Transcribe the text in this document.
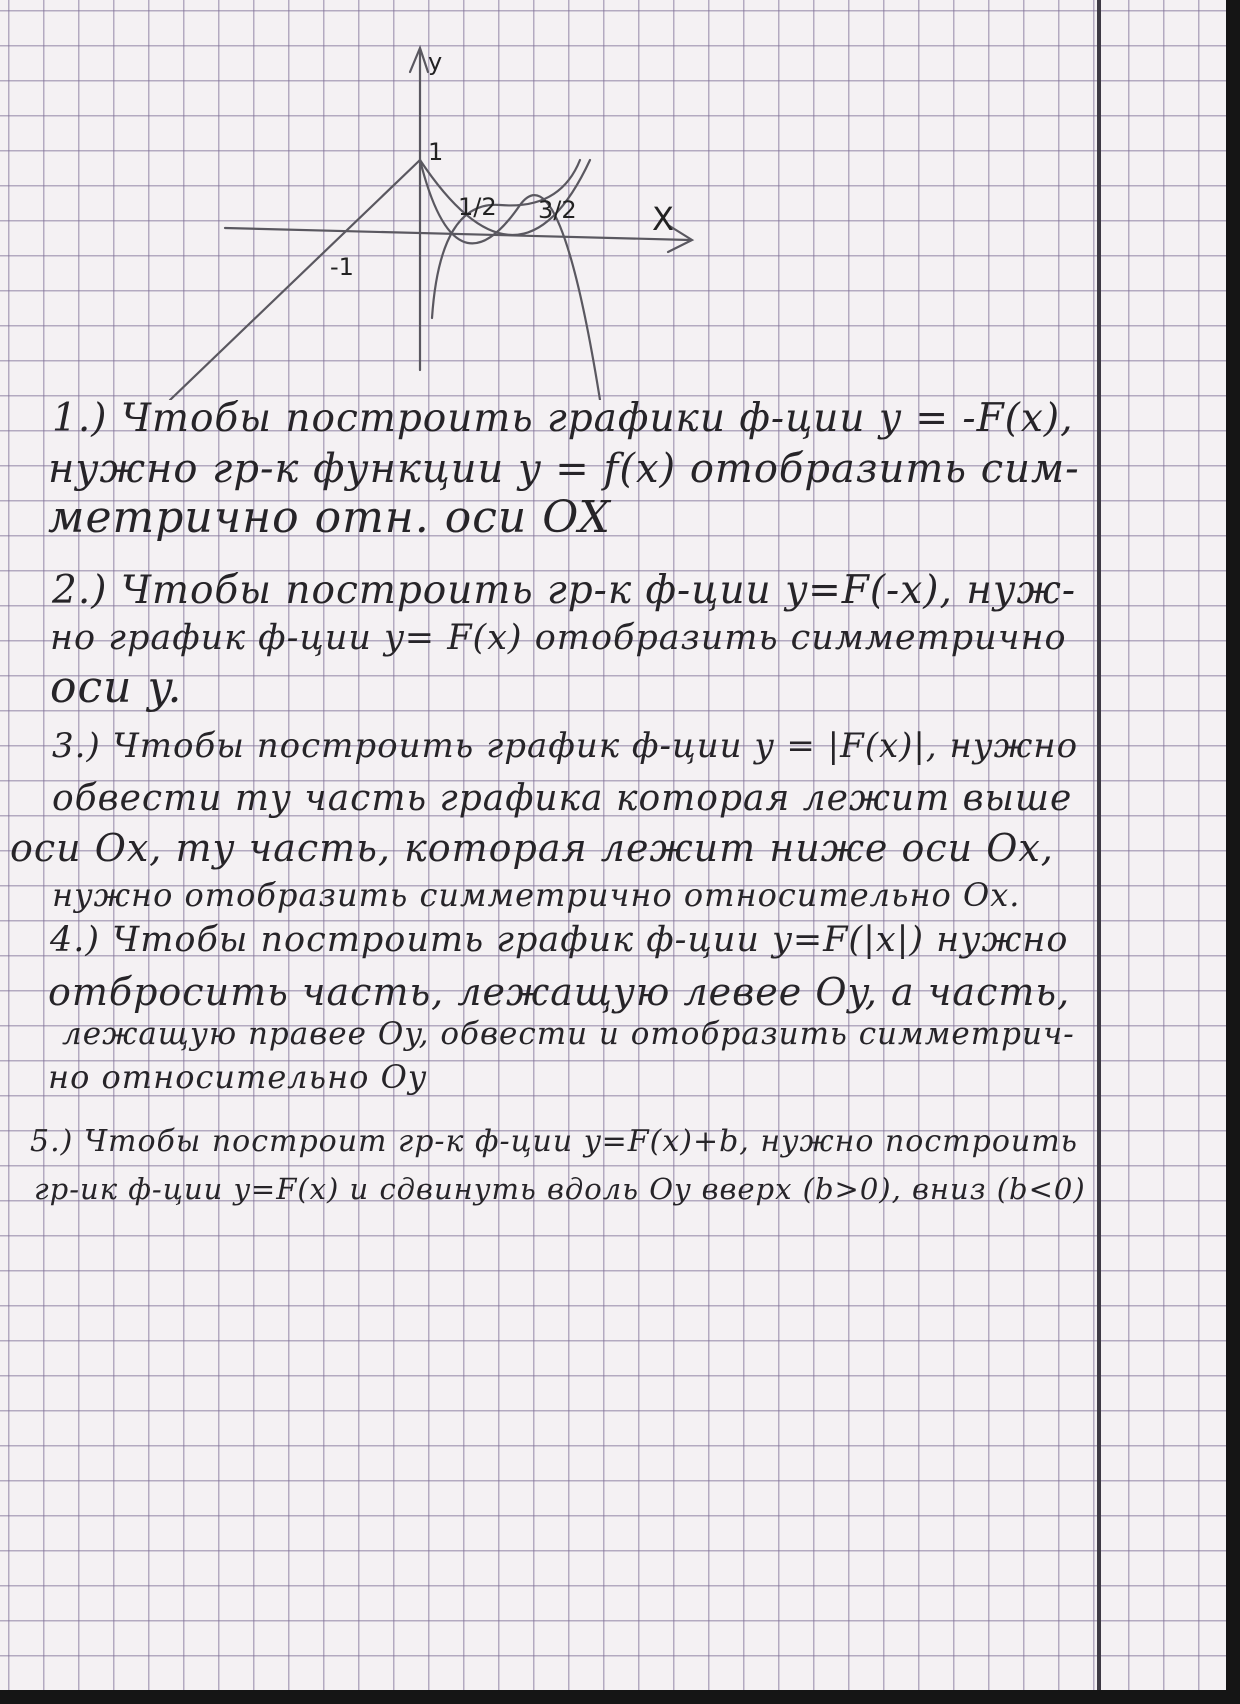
y
X
1
1/2 3/2
-1
1.) Чтобы построить графики ф-ции y = -F(x),
нужно гр-к функции y = f(x) отобразить сим-
метрично отн. оси OX
2.) Чтобы построить гр-к ф-ции y=F(-x), нуж-
но график ф-ции y= F(x) отобразить симметрично
оси y.
3.) Чтобы построить график ф-ции y = |F(x)|, нужно
обвести ту часть графика которая лежит выше
оси Ox, ту часть, которая лежит ниже оси Ox,
нужно отобразить симметрично относительно Ox.
4.) Чтобы построить график ф-ции y=F(|x|) нужно
отбросить часть, лежащую левее Oy, а часть,
лежащую правее Oy, обвести и отобразить симметрич-
но относительно Oy
5.) Чтобы построит гр-к ф-ции y=F(x)+b, нужно построить
гр-ик ф-ции y=F(x) и сдвинуть вдоль Oy вверх (b>0), вниз (b<0)
